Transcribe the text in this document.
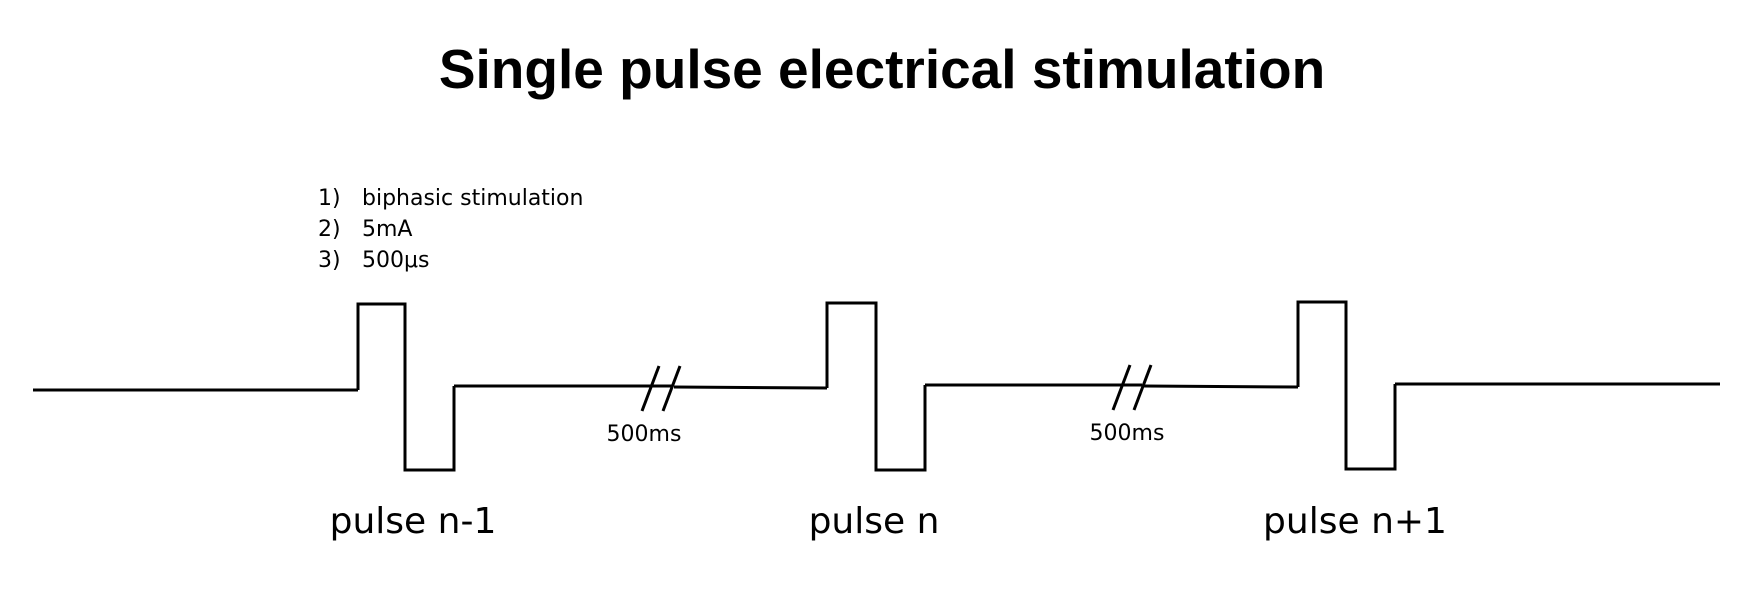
Single pulse electrical stimulation
1) biphasic stimulation
2) 5mA
3) 500μs
500ms	500ms
pulse n-1	pulse n	pulse n+1
